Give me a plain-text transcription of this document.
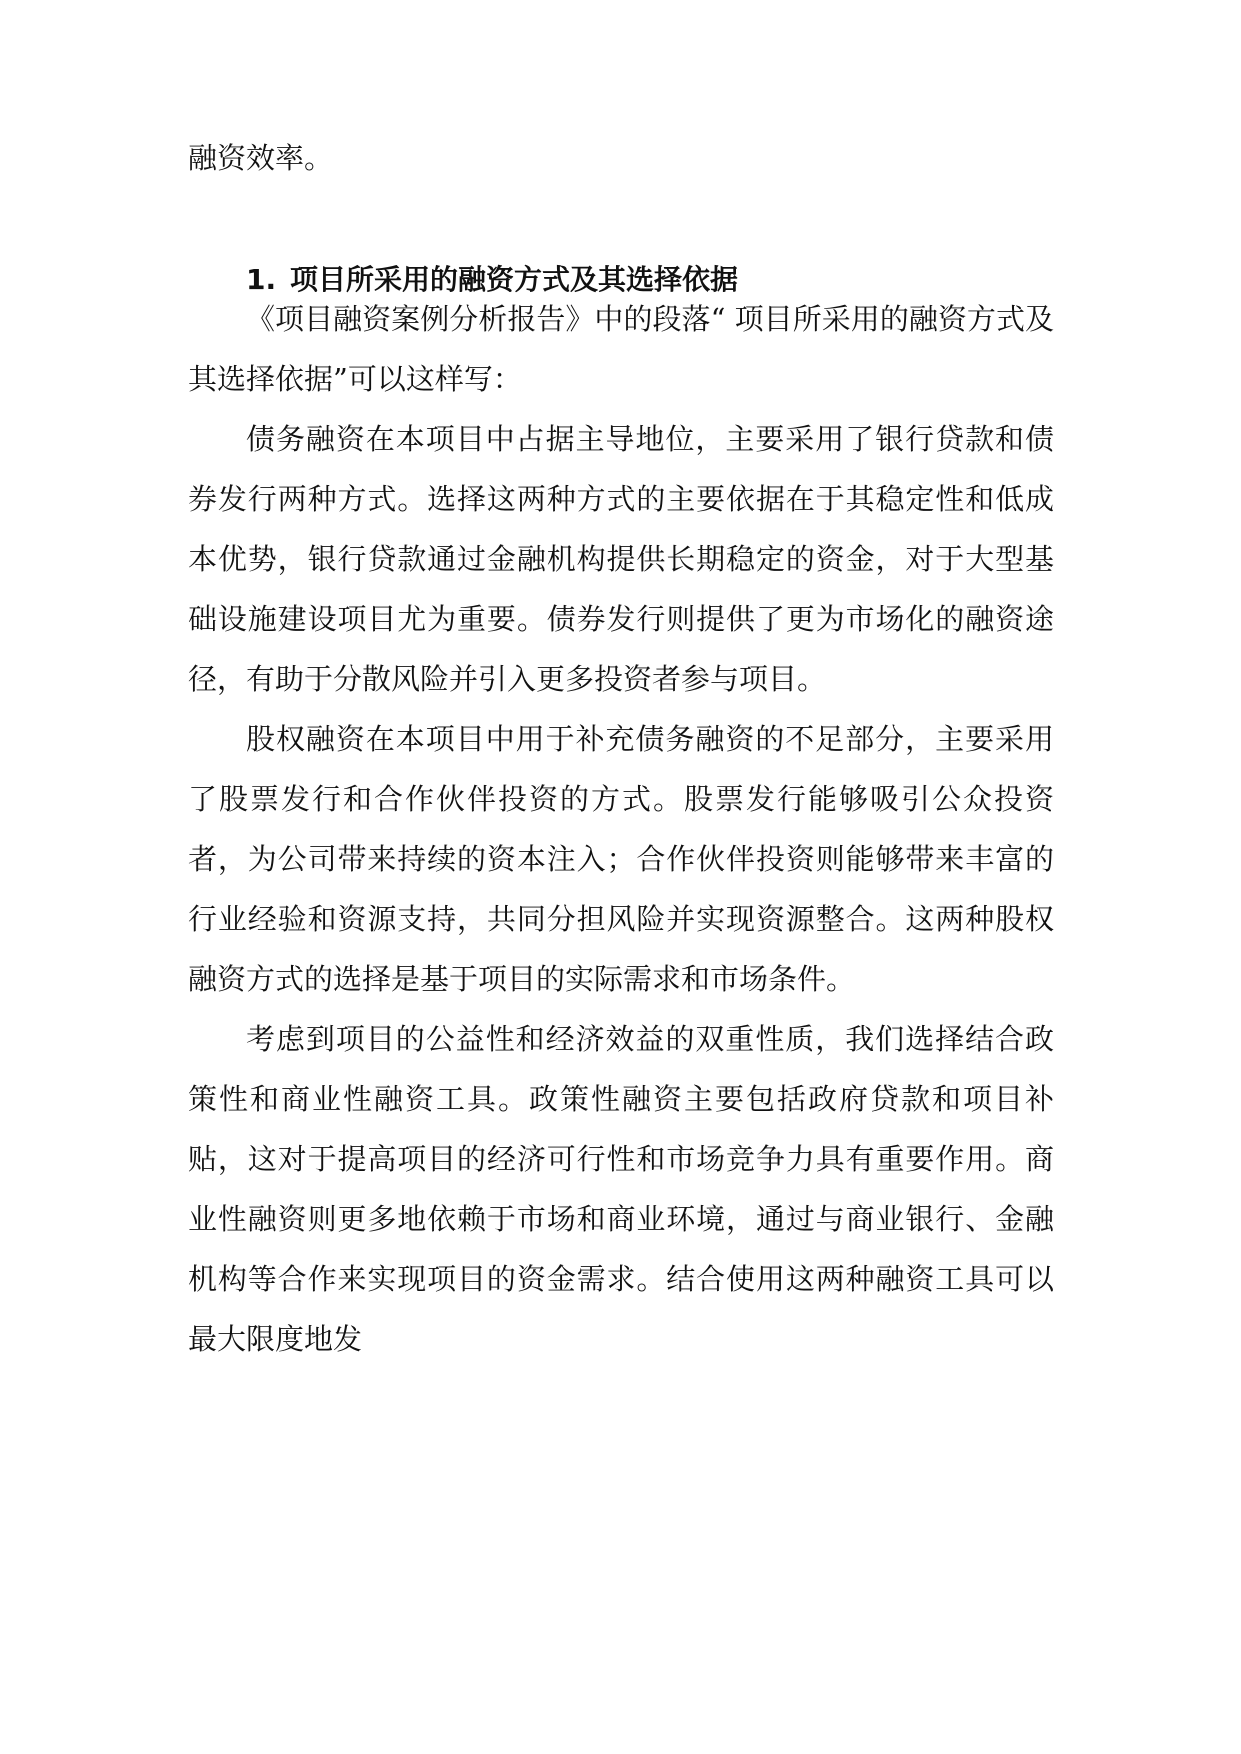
融资效率。

1. 项目所采用的融资方式及其选择依据

《项目融资案例分析报告》中的段落“ 项目所采用的融资方式及其选择依据”可以这样写：

债务融资在本项目中占据主导地位，主要采用了银行贷款和债券发行两种方式。选择这两种方式的主要依据在于其稳定性和低成本优势，银行贷款通过金融机构提供长期稳定的资金，对于大型基础设施建设项目尤为重要。债券发行则提供了更为市场化的融资途径，有助于分散风险并引入更多投资者参与项目。

股权融资在本项目中用于补充债务融资的不足部分，主要采用了股票发行和合作伙伴投资的方式。股票发行能够吸引公众投资者，为公司带来持续的资本注入；合作伙伴投资则能够带来丰富的行业经验和资源支持，共同分担风险并实现资源整合。这两种股权融资方式的选择是基于项目的实际需求和市场条件。

考虑到项目的公益性和经济效益的双重性质，我们选择结合政策性和商业性融资工具。政策性融资主要包括政府贷款和项目补贴，这对于提高项目的经济可行性和市场竞争力具有重要作用。商业性融资则更多地依赖于市场和商业环境，通过与商业银行、金融机构等合作来实现项目的资金需求。结合使用这两种融资工具可以最大限度地发
